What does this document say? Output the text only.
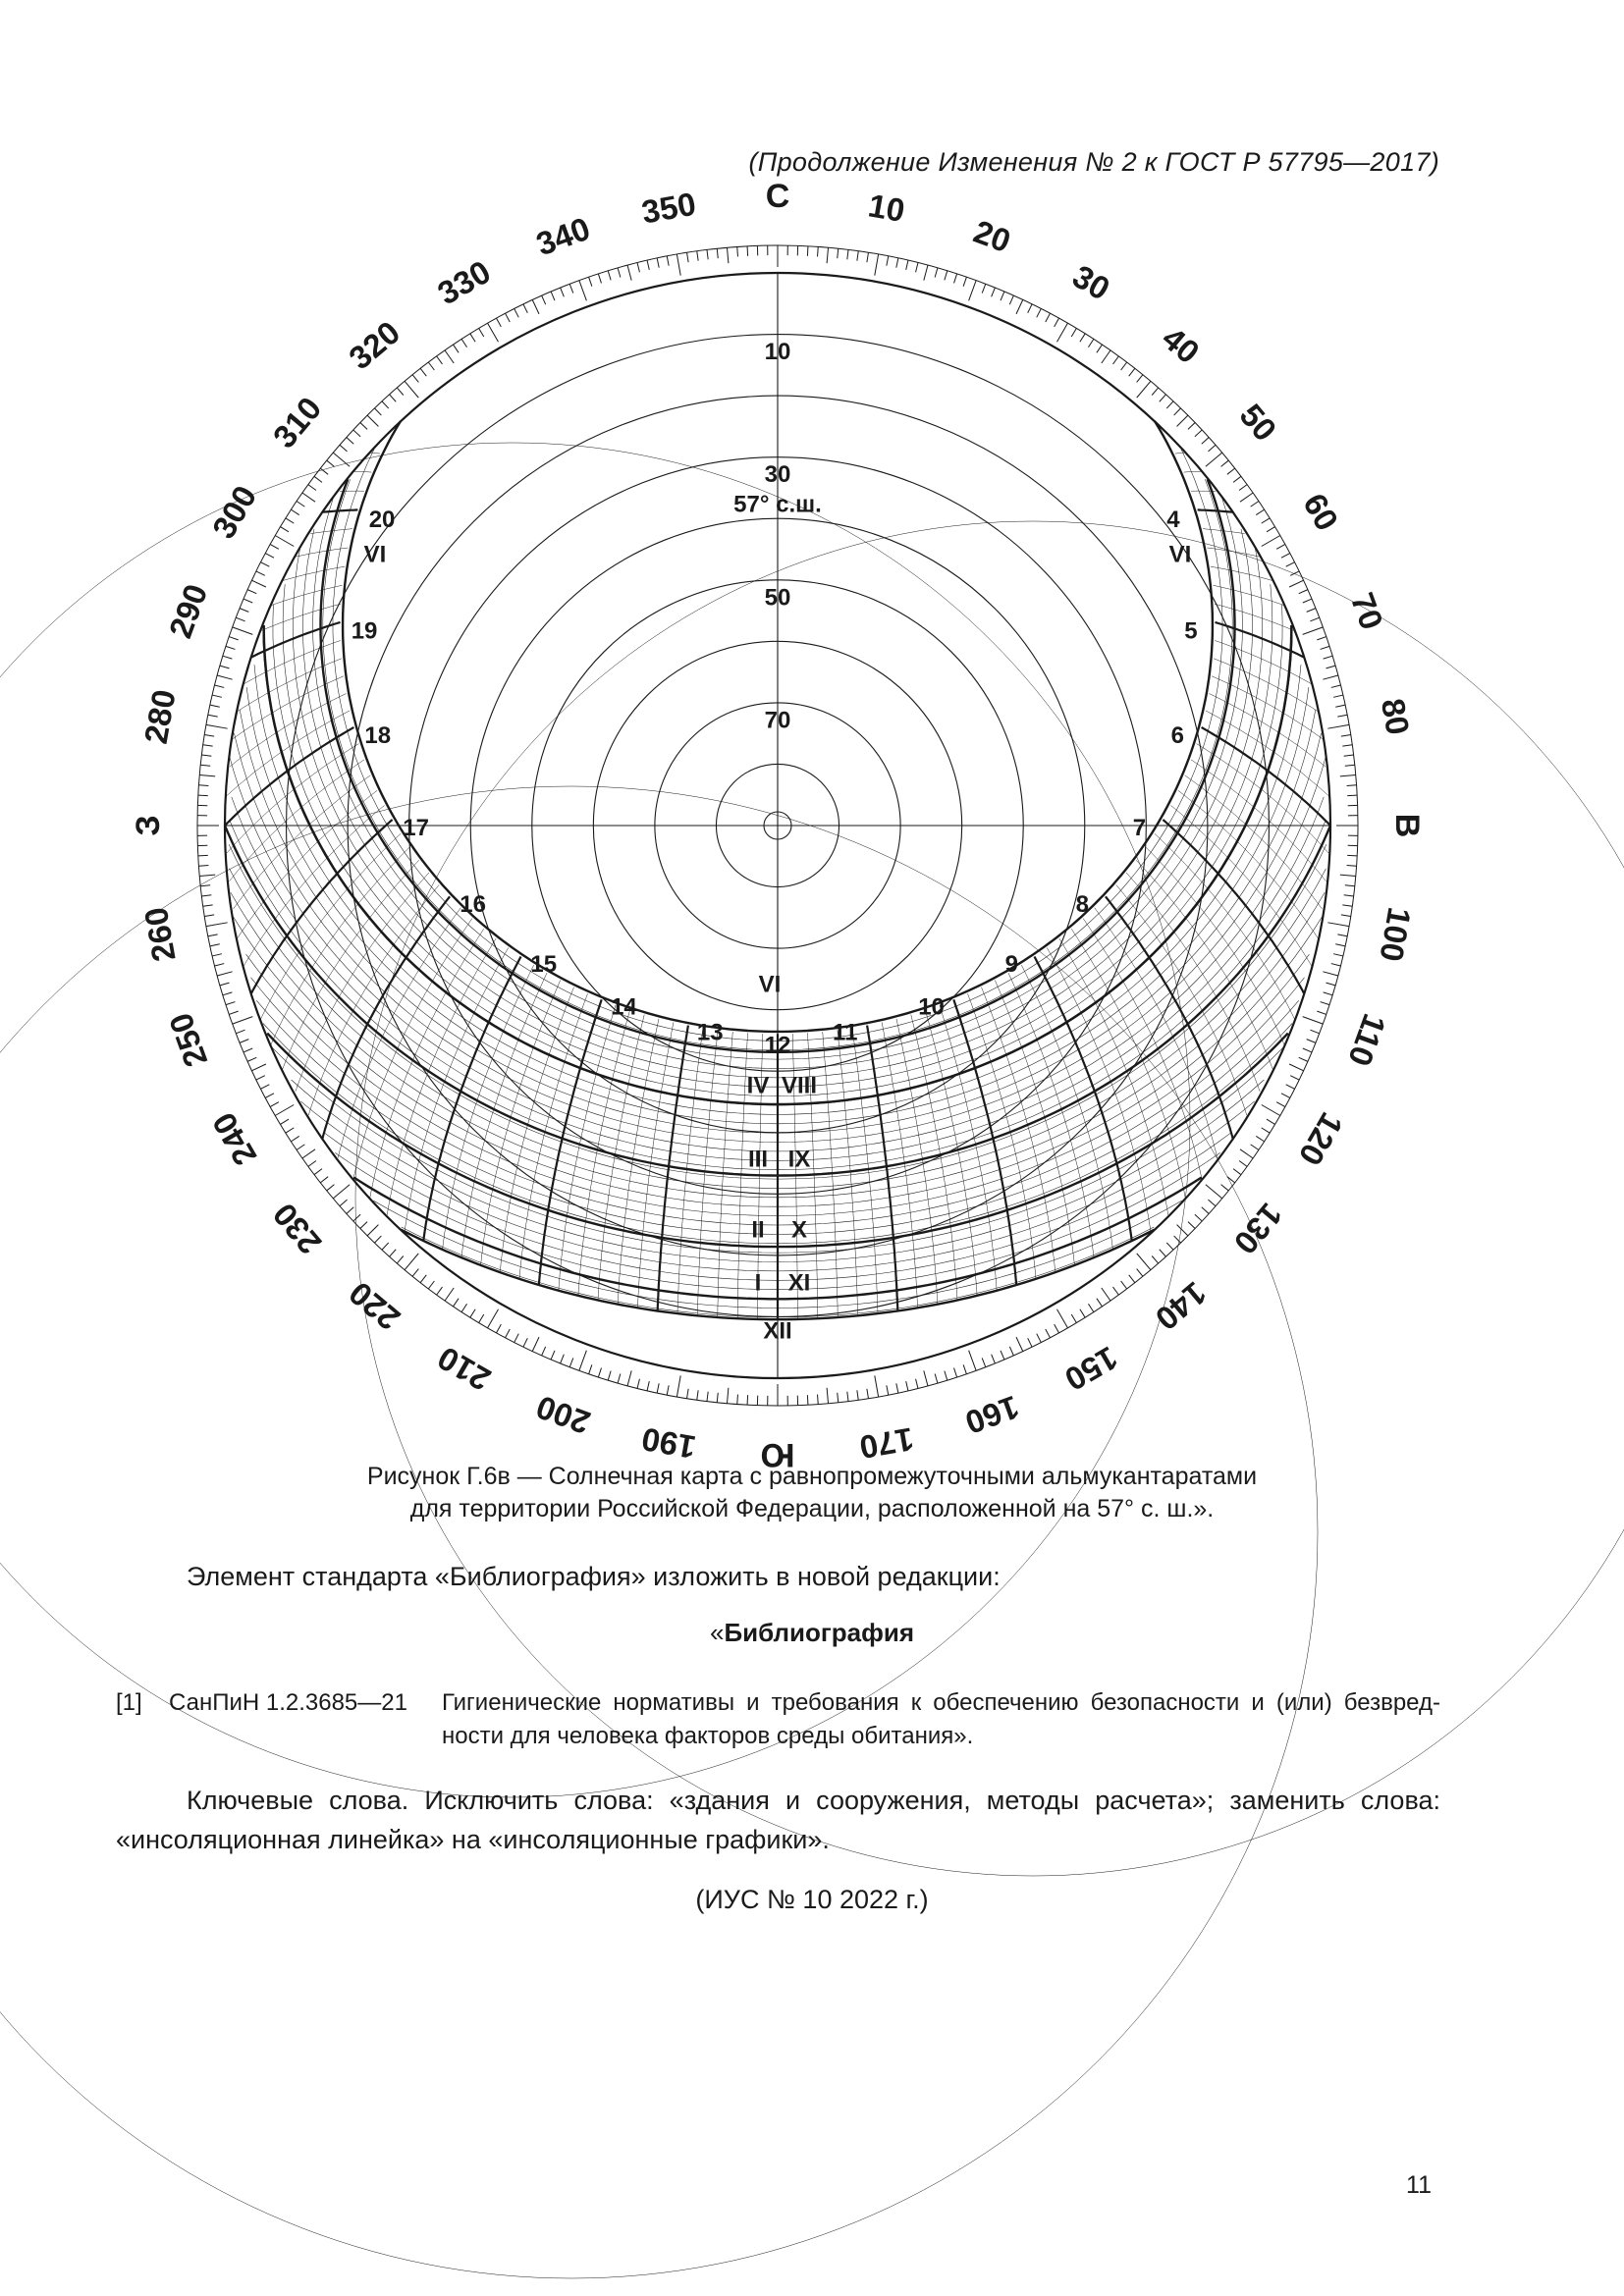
(Продолжение Изменения № 2 к ГОСТ Р 57795—2017)
С
В
Ю
З
10
20
30
40
50
60
70
80
100
110
120
130
140
150
160
170
190
200
210
220
230
240
250
260
280
290
300
310
320
330
340
350
10
30
50
70
57° с.ш.
20
19
18
17
16
15
14
13
4
5
6
7
8
9
10
11
12
VI	VI
VI
IV VIII
III IX
II X
I XI
XII
Рисунок Г.6в — Солнечная карта с равнопромежуточными альмукантаратами
для территории Российской Федерации, расположенной на 57° с. ш.».
Элемент стандарта «Библиография» изложить в новой редакции:
«Библиография
[1] СанПиН 1.2.3685—21 Гигиенические нормативы и требования к обеспечению безопасности и (или) безвред-
ности для человека факторов среды обитания».
Ключевые слова. Исключить слова: «здания и сооружения, методы расчета»; заменить слова:
«инсоляционная линейка» на «инсоляционные графики».
(ИУС № 10 2022 г.)
11
